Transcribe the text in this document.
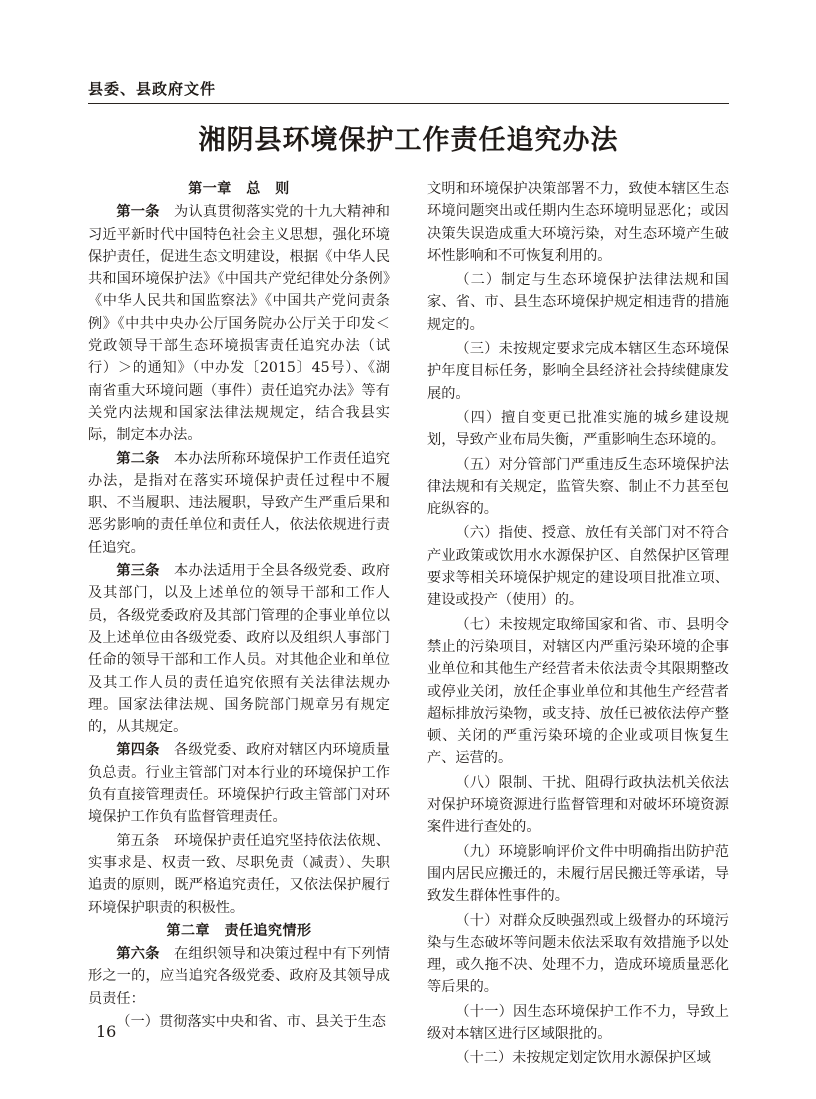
县委、县政府文件
湘阴县环境保护工作责任追究办法
第一章　总　则

第一条　为认真贯彻落实党的十九大精神和习近平新时代中国特色社会主义思想，强化环境保护责任，促进生态文明建设，根据《中华人民共和国环境保护法》《中国共产党纪律处分条例》《中华人民共和国监察法》《中国共产党问责条例》《中共中央办公厅国务院办公厅关于印发＜党政领导干部生态环境损害责任追究办法（试行）＞的通知》（中办发〔2015〕45号）、《湖南省重大环境问题（事件）责任追究办法》等有关党内法规和国家法律法规规定，结合我县实际，制定本办法。

第二条　本办法所称环境保护工作责任追究办法，是指对在落实环境保护责任过程中不履职、不当履职、违法履职，导致产生严重后果和恶劣影响的责任单位和责任人，依法依规进行责任追究。

第三条　本办法适用于全县各级党委、政府及其部门，以及上述单位的领导干部和工作人员，各级党委政府及其部门管理的企事业单位以及上述单位由各级党委、政府以及组织人事部门任命的领导干部和工作人员。对其他企业和单位及其工作人员的责任追究依照有关法律法规办理。国家法律法规、国务院部门规章另有规定的，从其规定。

第四条　各级党委、政府对辖区内环境质量负总责。行业主管部门对本行业的环境保护工作负有直接管理责任。环境保护行政主管部门对环境保护工作负有监督管理责任。

第五条　环境保护责任追究坚持依法依规、实事求是、权责一致、尽职免责（减责）、失职追责的原则，既严格追究责任，又依法保护履行环境保护职责的积极性。

第二章　责任追究情形

第六条　在组织领导和决策过程中有下列情形之一的，应当追究各级党委、政府及其领导成员责任：

（一）贯彻落实中央和省、市、县关于生态

文明和环境保护决策部署不力，致使本辖区生态环境问题突出或任期内生态环境明显恶化；或因决策失误造成重大环境污染，对生态环境产生破坏性影响和不可恢复利用的。

（二）制定与生态环境保护法律法规和国家、省、市、县生态环境保护规定相违背的措施规定的。

（三）未按规定要求完成本辖区生态环境保护年度目标任务，影响全县经济社会持续健康发展的。

（四）擅自变更已批准实施的城乡建设规划，导致产业布局失衡，严重影响生态环境的。

（五）对分管部门严重违反生态环境保护法律法规和有关规定，监管失察、制止不力甚至包庇纵容的。

（六）指使、授意、放任有关部门对不符合产业政策或饮用水水源保护区、自然保护区管理要求等相关环境保护规定的建设项目批准立项、建设或投产（使用）的。

（七）未按规定取缔国家和省、市、县明令禁止的污染项目，对辖区内严重污染环境的企事业单位和其他生产经营者未依法责令其限期整改或停业关闭，放任企事业单位和其他生产经营者超标排放污染物，或支持、放任已被依法停产整顿、关闭的严重污染环境的企业或项目恢复生产、运营的。

（八）限制、干扰、阻碍行政执法机关依法对保护环境资源进行监督管理和对破坏环境资源案件进行查处的。

（九）环境影响评价文件中明确指出防护范围内居民应搬迁的，未履行居民搬迁等承诺，导致发生群体性事件的。

（十）对群众反映强烈或上级督办的环境污染与生态破坏等问题未依法采取有效措施予以处理，或久拖不决、处理不力，造成环境质量恶化等后果的。

（十一）因生态环境保护工作不力，导致上级对本辖区进行区域限批的。

（十二）未按规定划定饮用水源保护区域

16
